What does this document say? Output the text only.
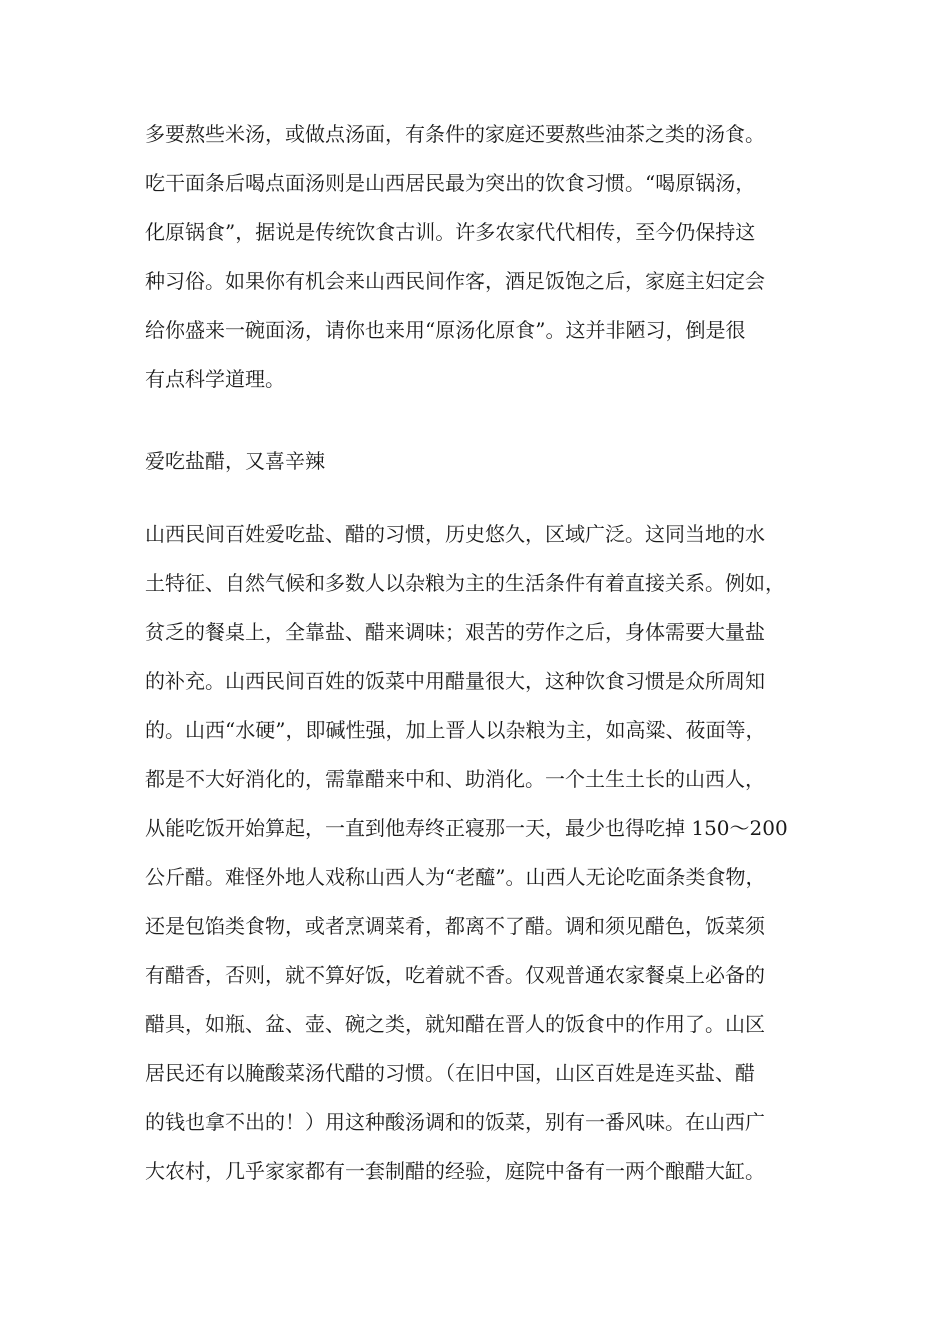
多要熬些米汤，或做点汤面，有条件的家庭还要熬些油茶之类的汤食。
吃干面条后喝点面汤则是山西居民最为突出的饮食习惯。“喝原锅汤，
化原锅食”，据说是传统饮食古训。许多农家代代相传，至今仍保持这
种习俗。如果你有机会来山西民间作客，酒足饭饱之后，家庭主妇定会
给你盛来一碗面汤，请你也来用“原汤化原食”。这并非陋习，倒是很
有点科学道理。
爱吃盐醋，又喜辛辣
山西民间百姓爱吃盐、醋的习惯，历史悠久，区域广泛。这同当地的水
土特征、自然气候和多数人以杂粮为主的生活条件有着直接关系。例如，
贫乏的餐桌上，全靠盐、醋来调味；艰苦的劳作之后，身体需要大量盐
的补充。山西民间百姓的饭菜中用醋量很大，这种饮食习惯是众所周知
的。山西“水硬”，即碱性强，加上晋人以杂粮为主，如高粱、莜面等，
都是不大好消化的，需靠醋来中和、助消化。一个土生土长的山西人，
从能吃饭开始算起，一直到他寿终正寝那一天，最少也得吃掉 150～200
公斤醋。难怪外地人戏称山西人为“老醯”。山西人无论吃面条类食物，
还是包馅类食物，或者烹调菜肴，都离不了醋。调和须见醋色，饭菜须
有醋香，否则，就不算好饭，吃着就不香。仅观普通农家餐桌上必备的
醋具，如瓶、盆、壶、碗之类，就知醋在晋人的饭食中的作用了。山区
居民还有以腌酸菜汤代醋的习惯。（在旧中国，山区百姓是连买盐、醋
的钱也拿不出的！）用这种酸汤调和的饭菜，别有一番风味。在山西广
大农村，几乎家家都有一套制醋的经验，庭院中备有一两个酿醋大缸。
